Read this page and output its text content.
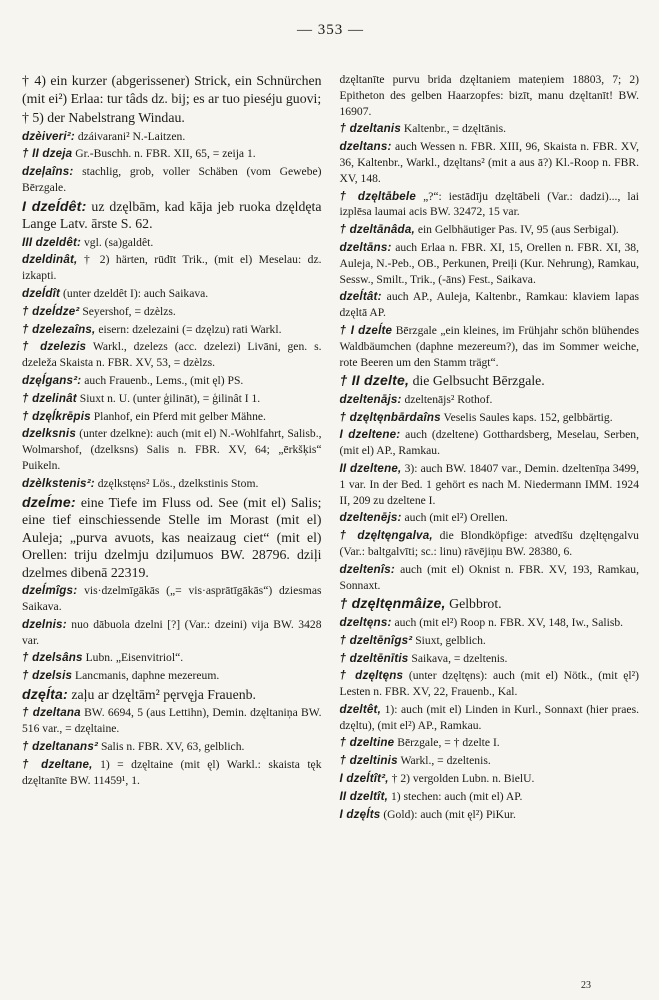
— 353 —
† 4) ein kurzer (abgerissener) Strick, ein Schnürchen (mit ei²) Erlaa: tur tâds dz. bij; es ar tuo pieséju guovi;
† 5) der Nabelstrang Windau.
dzèiveri²: dzáivarani² N.-Laitzen.
† II dzeja Gr.-Buschh. n. FBR. XII, 65, = zeija 1.
dzeļaîns: stachlig, grob, voller Schäben (vom Gewebe) Bērzgale.
I dzeĺdêt: uz dzęlbām, kad kāja jeb ruoka dzęldęta Lange Latv. ārste S. 62.
III dzeldêt: vgl. (sa)galdêt.
dzeldinât, † 2) härten, rūdīt Trik., (mit el) Meselau: dz. izkapti.
dzeĺdît (unter dzeldêt I): auch Saikava.
† dzeĺdze² Seyershof, = dzèlzs.
† dzelezaîns, eisern: dzelezaini (= dzęlzu) rati Warkl.
† dzelezis Warkl., dzelezs (acc. dzelezi) Livāni, gen. s. dzeleža Skaista n. FBR. XV, 53, = dzèlzs.
dzęĺgans²: auch Frauenb., Lems., (mit ęl) PS.
† dzelinât Siuxt n. U. (unter ģilināt), = ģilinât I 1.
† dzęĺkrēpis Planhof, ein Pferd mit gelber Mähne.
dzelksnis (unter dzelkne): auch (mit el) N.-Wohlfahrt, Salisb., Wolmarshof, (dzelksns) Salis n. FBR. XV, 64; „ērkšķis“ Puikeln.
dzèlkstenis²: dzęlkstęns² Lös., dzelkstinis Stom.
dzeĺme: eine Tiefe im Fluss od. See (mit el) Salis; eine tief einschiessende Stelle im Morast (mit el) Auleja; „purva avuots, kas neaizaug ciet“ (mit el) Orellen: triju dzelmju dziļumuos BW. 28796. dziļi dzelmes dibenā 22319.
dzeĺmîgs: vis·dzelmīgākās („= vis·asprātīgākās“) dziesmas Saikava.
dzelnis: nuo dābuola dzelni [?] (Var.: dzeini) vija BW. 3428 var.
† dzelsâns Lubn. „Eisenvitriol“.
† dzelsis Lancmanis, daphne mezereum.
dzęĺta: zaļu ar dzęltām² pęrvęja Frauenb.
† dzeltana BW. 6694, 5 (aus Lettihn), Demin. dzęltaniņa BW. 516 var., = dzęltaine.
† dzeltanans² Salis n. FBR. XV, 63, gelblich.
† dzeltane, 1) = dzęltaine (mit ęl) Warkl.: skaista tęk dzęltanīte BW. 11459¹, 1.
dzęltanīte purvu brida dzęltaniem mateņiem 18803, 7; 2) Epitheton des gelben Haarzopfes: bizīt, manu dzęltanīt! BW. 16907.
† dzeltanis Kaltenbr., = dzęltānis.
dzeltans: auch Wessen n. FBR. XIII, 96, Skaista n. FBR. XV, 36, Kaltenbr., Warkl., dzęltans² (mit a aus ā?) Kl.-Roop n. FBR. XV, 148.
† dzęltābele „?“: iestādīju dzęltābeli (Var.: dadzi)..., lai izplēsa laumai acis BW. 32472, 15 var.
† dzeltānâda, ein Gelbhäutiger Pas. IV, 95 (aus Serbigal).
dzeltāns: auch Erlaa n. FBR. XI, 15, Orellen n. FBR. XI, 38, Auleja, N.-Peb., OB., Perkunen, Preiļi (Kur. Nehrung), Ramkau, Sessw., Smilt., Trik., (-āns) Fest., Saikava.
dzeĺtât: auch AP., Auleja, Kaltenbr., Ramkau: klaviem lapas dzęltā AP.
† I dzeĺte Bērzgale „ein kleines, im Frühjahr schön blühendes Waldbäumchen (daphne mezereum?), das im Sommer weiche, rote Beeren um den Stamm trägt“.
† II dzelte, die Gelbsucht Bērzgale.
dzeltenājs: dzeltenājs² Rothof.
† dzęltęnbārdaîns Veselis Saules kaps. 152, gelbbärtig.
I dzeltene: auch (dzeltene) Gotthardsberg, Meselau, Serben, (mit el) AP., Ramkau.
II dzeltene, 3): auch BW. 18407 var., Demin. dzeltenīņa 3499, 1 var. In der Bed. 1 gehört es nach M. Niedermann IMM. 1924 II, 209 zu dzeltene I.
dzeltenējs: auch (mit el²) Orellen.
† dzęltęngalva, die Blondköpfige: atvedīšu dzęltęngalvu (Var.: baltgalvīti; sc.: linu) rāvējiņu BW. 28380, 6.
dzeltenîs: auch (mit el) Oknist n. FBR. XV, 193, Ramkau, Sonnaxt.
† dzęltęnmâize, Gelbbrot.
dzeltęns: auch (mit el²) Roop n. FBR. XV, 148, Iw., Salisb.
† dzeltēnîgs² Siuxt, gelblich.
† dzeltēnītis Saikava, = dzeltenis.
† dzęltęns (unter dzęltęns): auch (mit el) Nötk., (mit ęl²) Lesten n. FBR. XV, 22, Frauenb., Kal.
dzeltêt, 1): auch (mit el) Linden in Kurl., Sonnaxt (hier praes. dzęltu), (mit el²) AP., Ramkau.
† dzeltine Bērzgale, = † dzelte I.
† dzeltinis Warkl., = dzeltenis.
I dzeĺtît², † 2) vergolden Lubn. n. BielU.
II dzeltît, 1) stechen: auch (mit el) AP.
I dzęĺts (Gold): auch (mit ęl²) PiKur.
23
